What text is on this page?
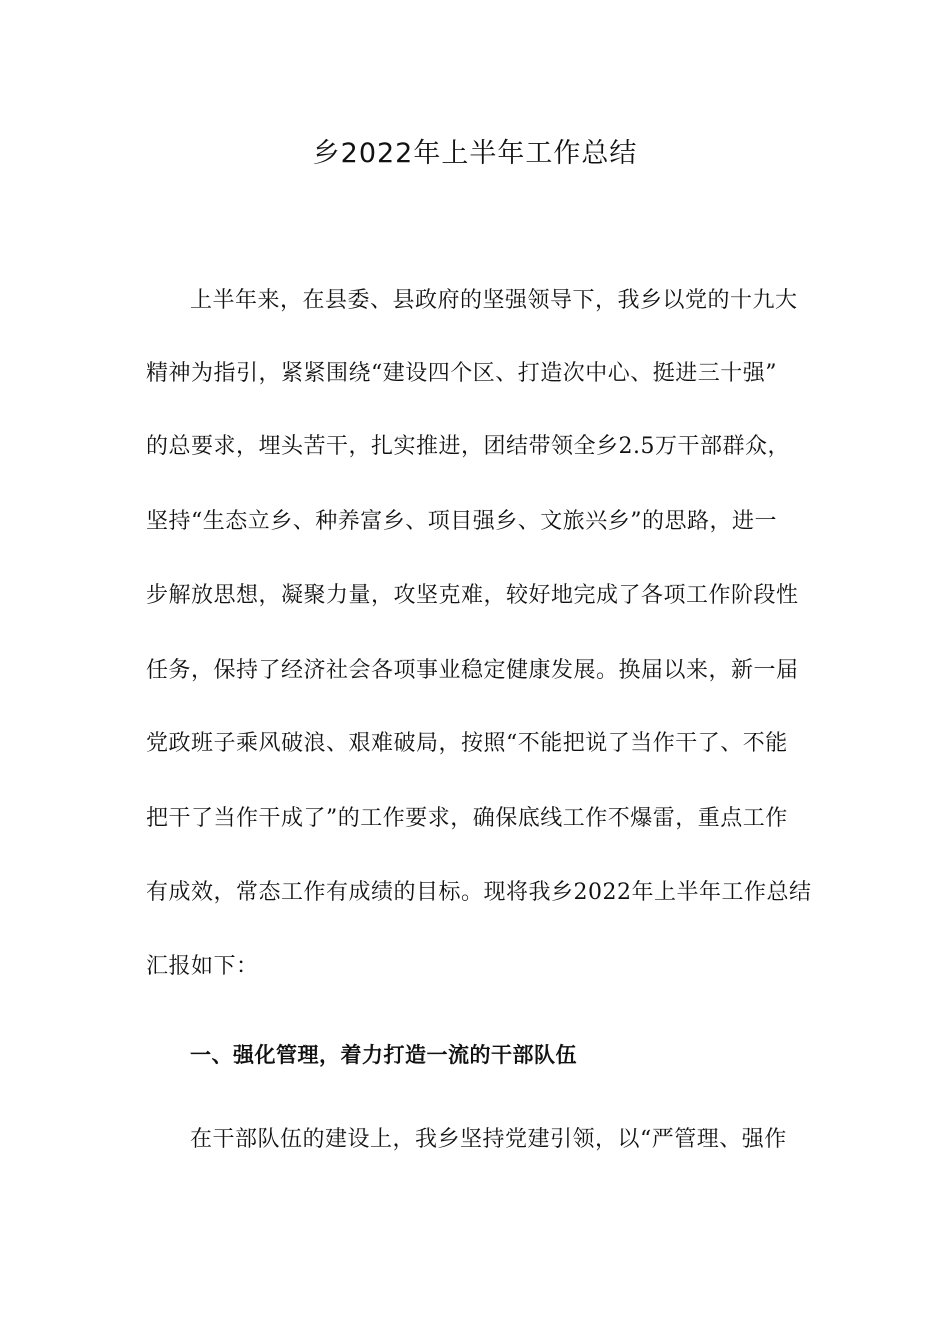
乡2022年上半年工作总结
上半年来，在县委、县政府的坚强领导下，我乡以党的十九大
精神为指引，紧紧围绕“建设四个区、打造次中心、挺进三十强”
的总要求，埋头苦干，扎实推进，团结带领全乡2.5万干部群众，
坚持“生态立乡、种养富乡、项目强乡、文旅兴乡”的思路，进一
步解放思想，凝聚力量，攻坚克难，较好地完成了各项工作阶段性
任务，保持了经济社会各项事业稳定健康发展。换届以来，新一届
党政班子乘风破浪、艰难破局，按照“不能把说了当作干了、不能
把干了当作干成了”的工作要求，确保底线工作不爆雷，重点工作
有成效，常态工作有成绩的目标。现将我乡2022年上半年工作总结
汇报如下：
一、强化管理，着力打造一流的干部队伍
在干部队伍的建设上，我乡坚持党建引领，以“严管理、强作
